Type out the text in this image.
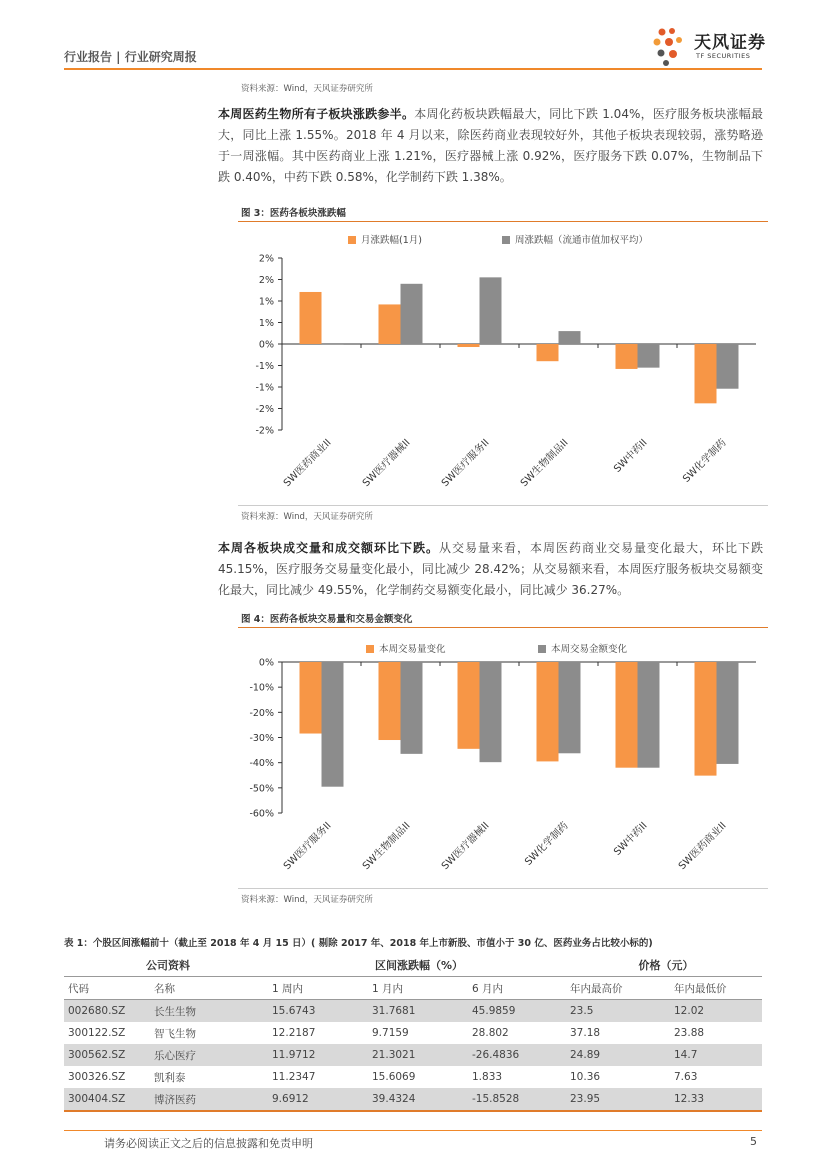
行业报告 | 行业研究周报
天风证券
TF SECURITIES
资料来源：Wind，天风证券研究所
本周医药生物所有子板块涨跌参半。本周化药板块跌幅最大，同比下跌 1.04%，医疗服务板块涨幅最大，同比上涨 1.55%。2018 年 4 月以来，除医药商业表现较好外，其他子板块表现较弱，涨势略逊于一周涨幅。其中医药商业上涨 1.21%，医疗器械上涨 0.92%，医疗服务下跌 0.07%，生物制品下跌 0.40%，中药下跌 0.58%，化学制药下跌 1.38%。
图 3：医药各板块涨跌幅
月涨跌幅(1月)	周涨跌幅（流通市值加权平均）
2%
2%
1%
1%
0%
-1%
-1%
-2%
-2%
SW医药商业II	SW医疗器械II	SW医疗服务II	SW生物制品II	SW中药II	SW化学制药
资料来源：Wind，天风证券研究所
本周各板块成交量和成交额环比下跌。从交易量来看，本周医药商业交易量变化最大，环比下跌 45.15%，医疗服务交易量变化最小，同比减少 28.42%；从交易额来看，本周医疗服务板块交易额变化最大，同比减少 49.55%，化学制药交易额变化最小，同比减少 36.27%。
图 4：医药各板块交易量和交易金额变化
本周交易量变化	本周交易金额变化
0%
-10%
-20%
-30%
-40%
-50%
-60%
SW医疗服务II	SW生物制品II	SW医疗器械II	SW化学制药	SW中药II	SW医药商业II
资料来源：Wind，天风证券研究所
表 1：个股区间涨幅前十（截止至 2018 年 4 月 15 日）( 剔除 2017 年、2018 年上市新股、市值小于 30 亿、医药业务占比较小标的)
公司资料		区间涨跌幅（%）			价格（元）	
代码	名称	1 周内	1 月内	6 月内	年内最高价	年内最低价
002680.SZ	长生生物	15.6743	31.7681	45.9859	23.5	12.02
300122.SZ	智飞生物	12.2187	9.7159	28.802	37.18	23.88
300562.SZ	乐心医疗	11.9712	21.3021	-26.4836	24.89	14.7
300326.SZ	凯利泰	11.2347	15.6069	1.833	10.36	7.63
300404.SZ	博济医药	9.6912	39.4324	-15.8528	23.95	12.33
请务必阅读正文之后的信息披露和免责申明	5
